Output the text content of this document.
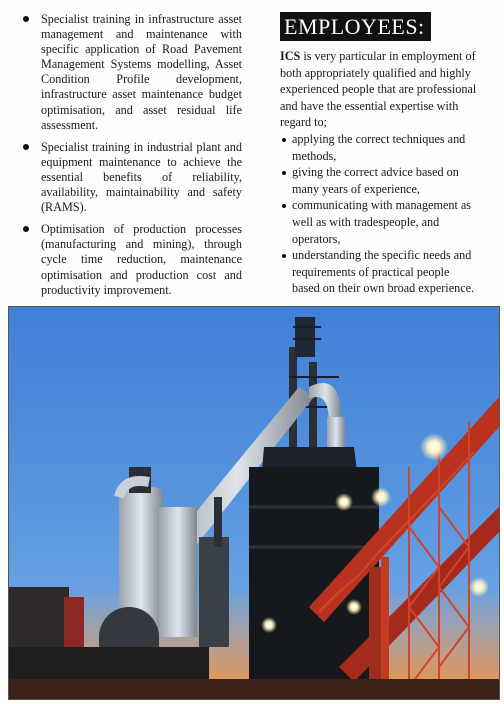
Specialist training in infrastructure asset management and maintenance with specific application of Road Pavement Management Systems modelling, Asset Condition Profile development, infrastructure asset maintenance budget optimisation, and asset residual life assessment.
Specialist training in industrial plant and equipment maintenance to achieve the essential benefits of reliability, availability, maintainability and safety (RAMS).
Optimisation of production processes (manufacturing and mining), through cycle time reduction, maintenance optimisation and production cost and productivity improvement.
EMPLOYEES:

ICS is very particular in employment of both appropriately qualified and highly experienced people that are professional and have the essential expertise with regard to;

applying the correct techniques and methods,
giving the correct advice based on many years of experience,
communicating with management as well as with tradespeople, and operators,
understanding the specific needs and requirements of practical people based on their own broad experience.
